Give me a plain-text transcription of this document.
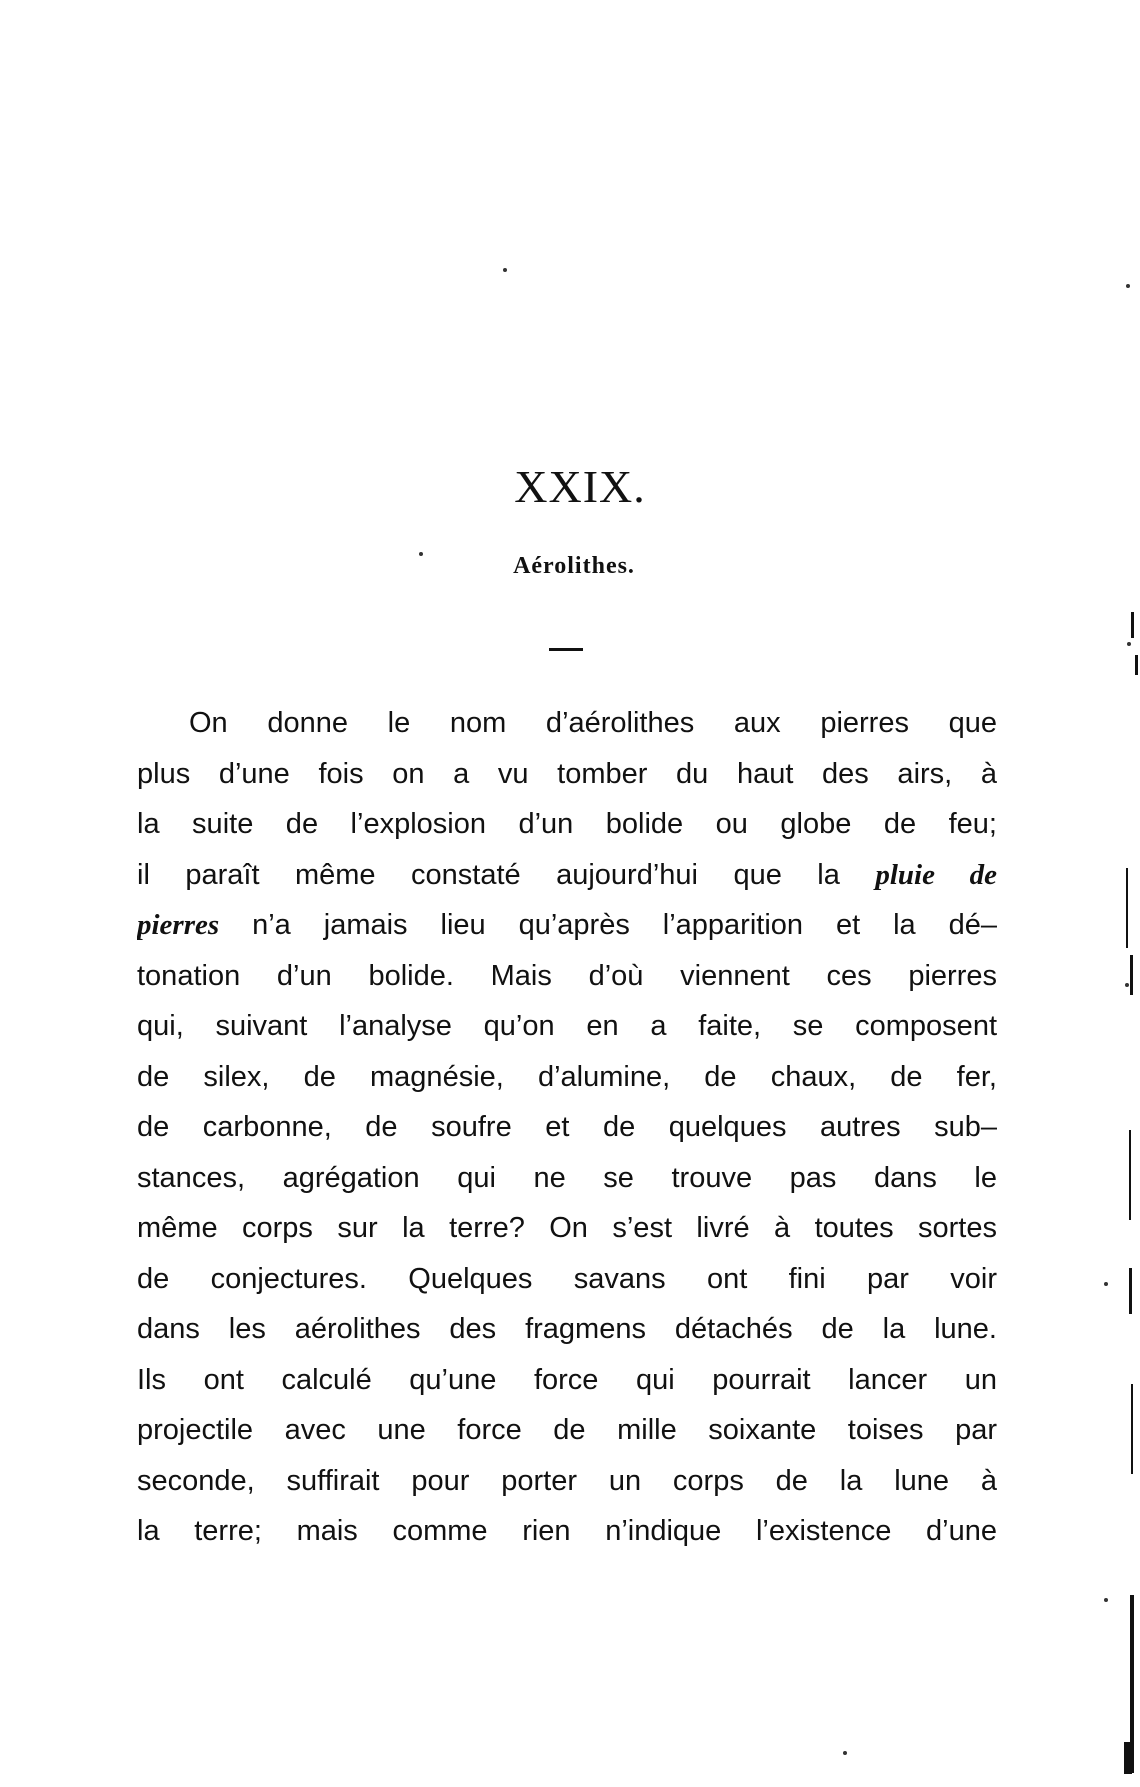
XXIX.
Aérolithes.
On donne le nom d’aérolithes aux pierres que
plus d’une fois on a vu tomber du haut des airs, à
la suite de l’explosion d’un bolide ou globe de feu;
il paraît même constaté aujourd’hui que la pluie de
pierres n’a jamais lieu qu’après l’apparition et la dé–
tonation d’un bolide. Mais d’où viennent ces pierres
qui, suivant l’analyse qu’on en a faite, se composent
de silex, de magnésie, d’alumine, de chaux, de fer,
de carbonne, de soufre et de quelques autres sub–
stances, agrégation qui ne se trouve pas dans le
même corps sur la terre? On s’est livré à toutes sortes
de conjectures. Quelques savans ont fini par voir
dans les aérolithes des fragmens détachés de la lune.
Ils ont calculé qu’une force qui pourrait lancer un
projectile avec une force de mille soixante toises par
seconde, suffirait pour porter un corps de la lune à
la terre; mais comme rien n’indique l’existence d’une
